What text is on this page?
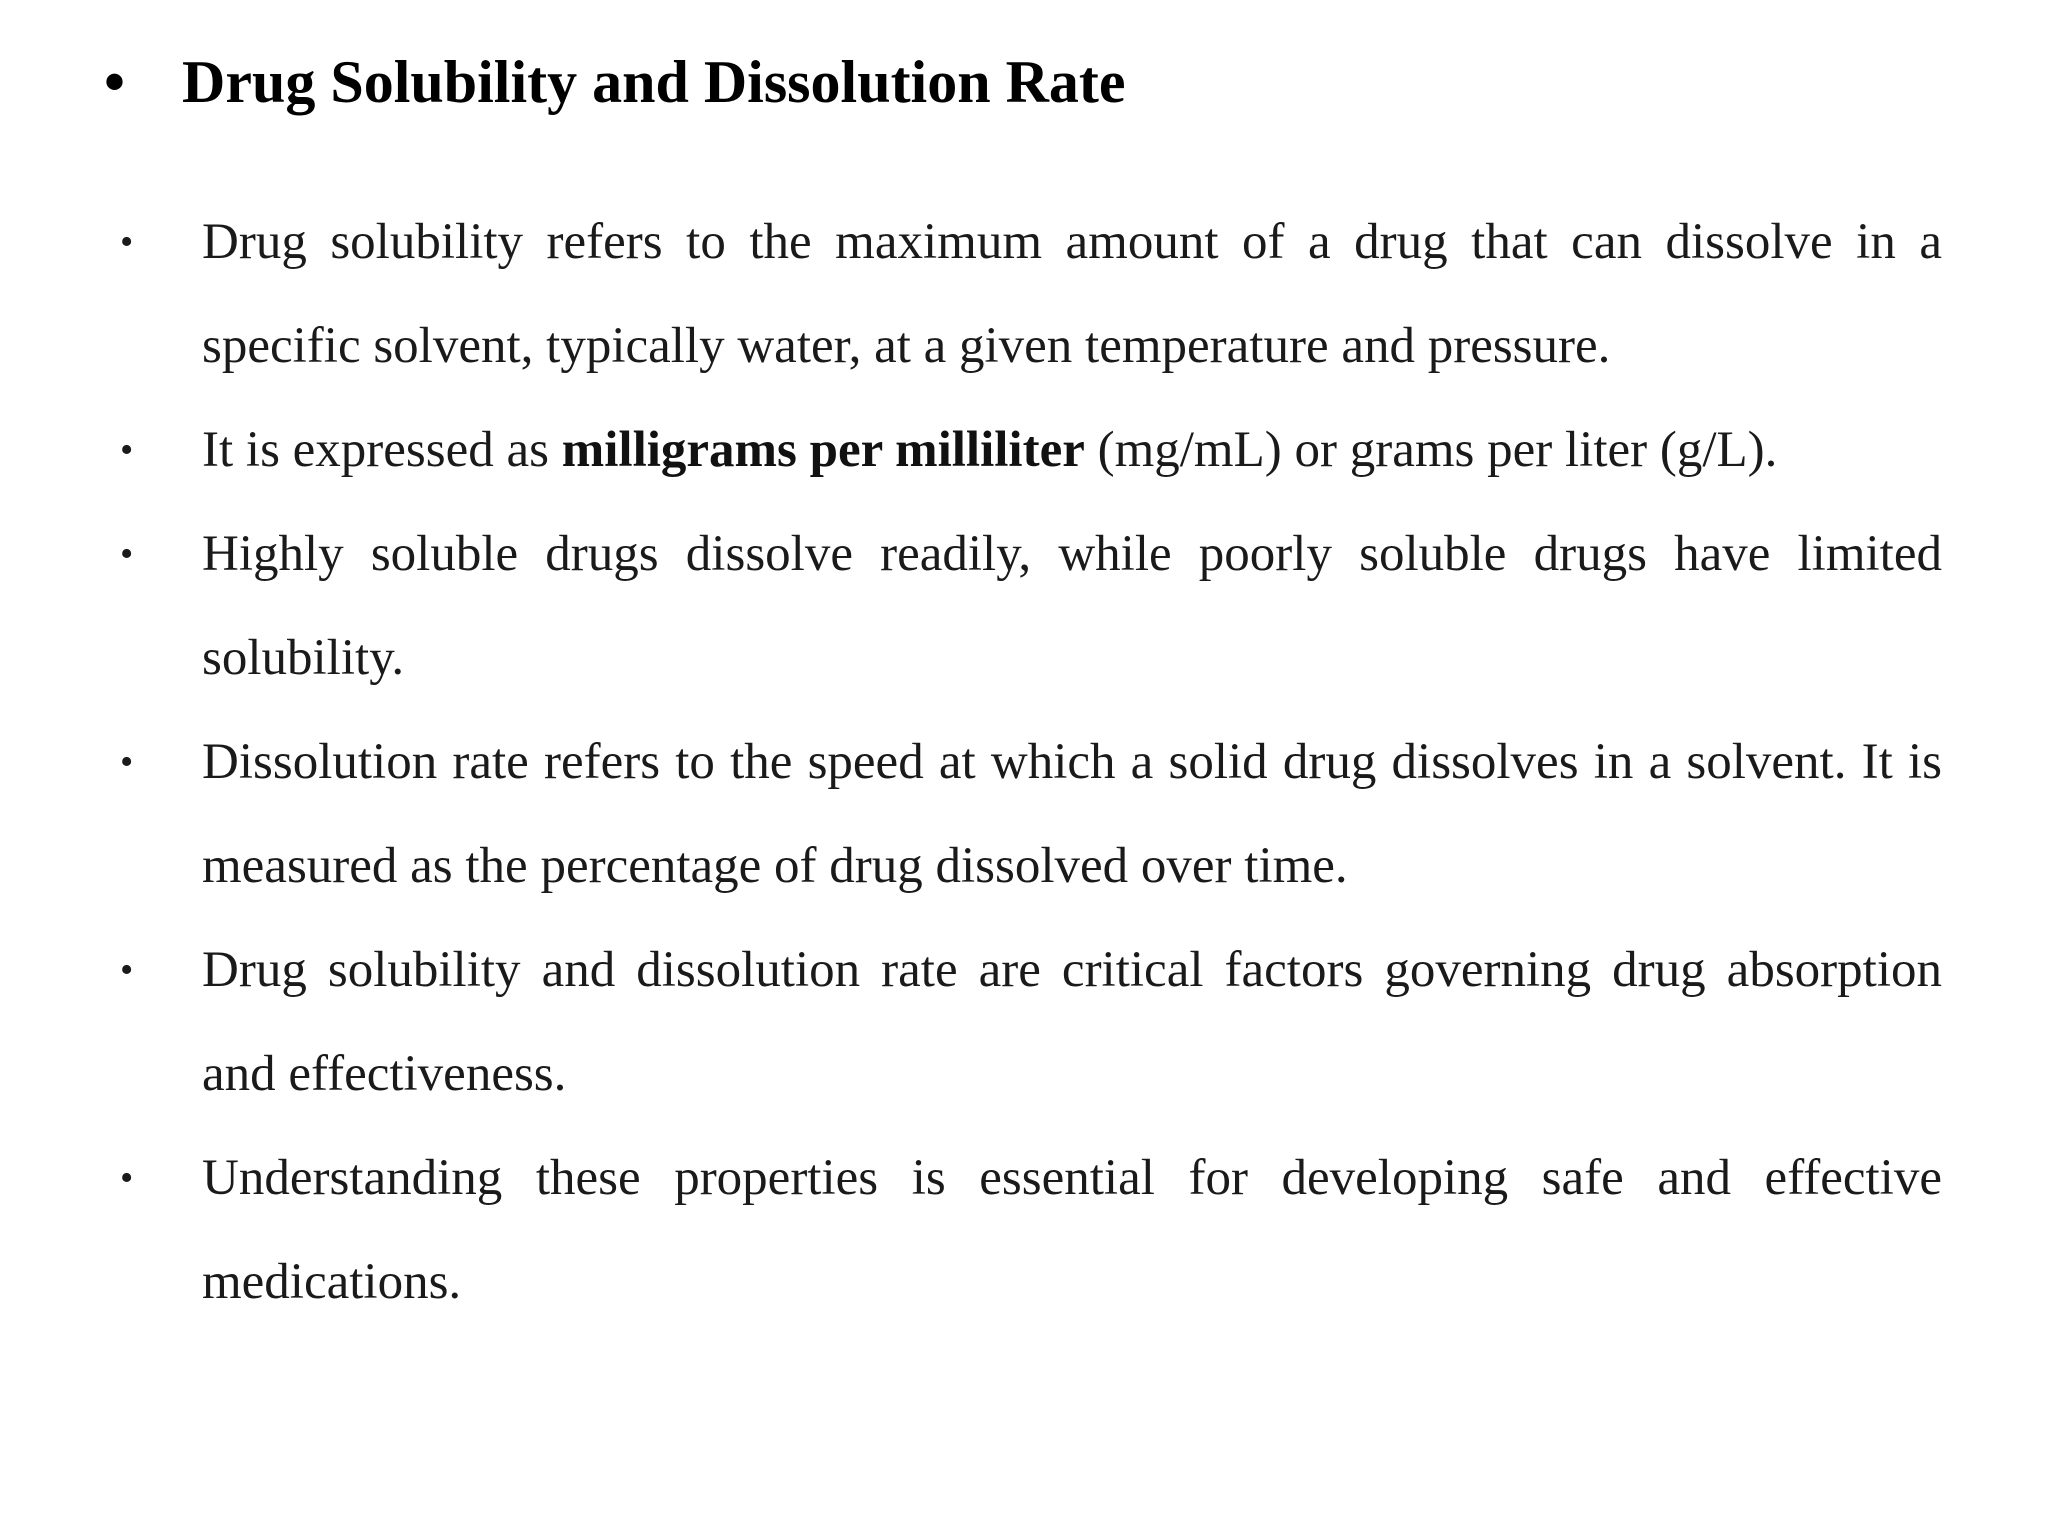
• Drug Solubility and Dissolution Rate
•	Drug solubility refers to the maximum amount of a drug that can dissolve in a specific solvent, typically water, at a given temperature and pressure.
•	It is expressed as milligrams per milliliter (mg/mL) or grams per liter (g/L).
•	Highly soluble drugs dissolve readily, while poorly soluble drugs have limited solubility.
•	Dissolution rate refers to the speed at which a solid drug dissolves in a solvent. It is measured as the percentage of drug dissolved over time.
•	Drug solubility and dissolution rate are critical factors governing drug absorption and effectiveness.
•	Understanding these properties is essential for developing safe and effective medications.
